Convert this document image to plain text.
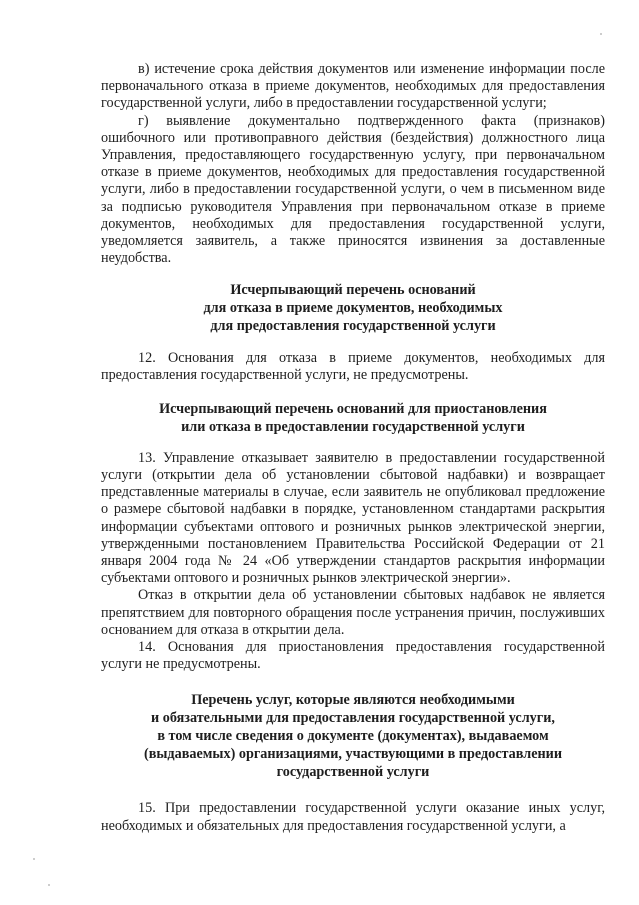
в) истечение срока действия документов или изменение информации после первоначального отказа в приеме документов, необходимых для предоставления государственной услуги, либо в предоставлении государственной услуги;

г) выявление документально подтвержденного факта (признаков) ошибочного или противоправного действия (бездействия) должностного лица Управления, предоставляющего государственную услугу, при первоначальном отказе в приеме документов, необходимых для предоставления государственной услуги, либо в предоставлении государственной услуги, о чем в письменном виде за подписью руководителя Управления при первоначальном отказе в приеме документов, необходимых для предоставления государственной услуги, уведомляется заявитель, а также приносятся извинения за доставленные неудобства.

Исчерпывающий перечень оснований
для отказа в приеме документов, необходимых
для предоставления государственной услуги

12. Основания для отказа в приеме документов, необходимых для предоставления государственной услуги, не предусмотрены.

Исчерпывающий перечень оснований для приостановления
или отказа в предоставлении государственной услуги

13. Управление отказывает заявителю в предоставлении государственной услуги (открытии дела об установлении сбытовой надбавки) и возвращает представленные материалы в случае, если заявитель не опубликовал предложение о размере сбытовой надбавки в порядке, установленном стандартами раскрытия информации субъектами оптового и розничных рынков электрической энергии, утвержденными постановлением Правительства Российской Федерации от 21 января 2004 года № 24 «Об утверждении стандартов раскрытия информации субъектами оптового и розничных рынков электрической энергии».

Отказ в открытии дела об установлении сбытовых надбавок не является препятствием для повторного обращения после устранения причин, послуживших основанием для отказа в открытии дела.

14. Основания для приостановления предоставления государственной услуги не предусмотрены.

Перечень услуг, которые являются необходимыми
и обязательными для предоставления государственной услуги,
в том числе сведения о документе (документах), выдаваемом
(выдаваемых) организациями, участвующими в предоставлении
государственной услуги

15. При предоставлении государственной услуги оказание иных услуг, необходимых и обязательных для предоставления государственной услуги, а
